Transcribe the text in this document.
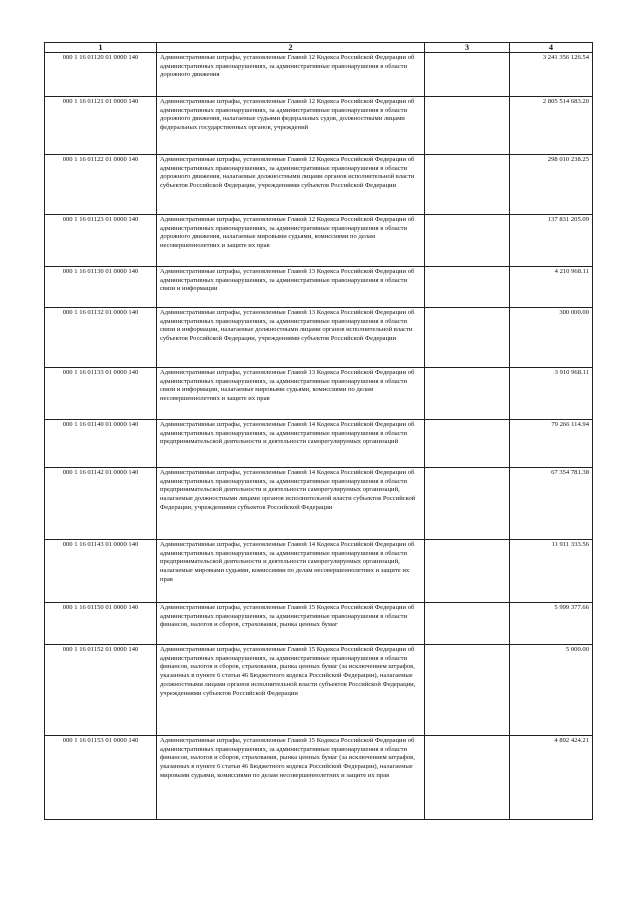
1	2	3	4
000 1 16 01120 01 0000 140	Административные штрафы, установленные Главой 12 Кодекса Российской Федерации об административных правонарушениях, за административные правонарушения в области дорожного движения		3 241 356 126.54
000 1 16 01121 01 0000 140	Административные штрафы, установленные Главой 12 Кодекса Российской Федерации об административных правонарушениях, за административные правонарушения в области дорожного движения, налагаемые судьями федеральных судов, должностными лицами федеральных государственных органов, учреждений		2 805 514 683.20
000 1 16 01122 01 0000 140	Административные штрафы, установленные Главой 12 Кодекса Российской Федерации об административных правонарушениях, за административные правонарушения в области дорожного движения, налагаемые должностными лицами органов исполнительной власти субъектов Российской Федерации, учреждениями субъектов Российской Федерации		298 010 238.25
000 1 16 01123 01 0000 140	Административные штрафы, установленные Главой 12 Кодекса Российской Федерации об административных правонарушениях, за административные правонарушения в области дорожного движения, налагаемые мировыми судьями, комиссиями по делам несовершеннолетних и защите их прав		137 831 205.09
000 1 16 01130 01 0000 140	Административные штрафы, установленные Главой 13 Кодекса Российской Федерации об административных правонарушениях, за административные правонарушения в области связи и информации		4 210 968.11
000 1 16 01132 01 0000 140	Административные штрафы, установленные Главой 13 Кодекса Российской Федерации об административных правонарушениях, за административные правонарушения в области связи и информации, налагаемые должностными лицами органов исполнительной власти субъектов Российской Федерации, учреждениями субъектов Российской Федерации		300 000.00
000 1 16 01133 01 0000 140	Административные штрафы, установленные Главой 13 Кодекса Российской Федерации об административных правонарушениях, за административные правонарушения в области связи и информации, налагаемые мировыми судьями, комиссиями по делам несовершеннолетних и защите их прав		3 910 968.11
000 1 16 01140 01 0000 140	Административные штрафы, установленные Главой 14 Кодекса Российской Федерации об административных правонарушениях, за административные правонарушения в области предпринимательской деятельности и деятельности саморегулируемых организаций		79 266 114.94
000 1 16 01142 01 0000 140	Административные штрафы, установленные Главой 14 Кодекса Российской Федерации об административных правонарушениях, за административные правонарушения в области предпринимательской деятельности и деятельности саморегулируемых организаций, налагаемые должностными лицами органов исполнительной власти субъектов Российской Федерации, учреждениями субъектов Российской Федерации		67 354 781.38
000 1 16 01143 01 0000 140	Административные штрафы, установленные Главой 14 Кодекса Российской Федерации об административных правонарушениях, за административные правонарушения в области предпринимательской деятельности и деятельности саморегулируемых организаций, налагаемые мировыми судьями, комиссиями по делам несовершеннолетних и защите их прав		11 911 333.56
000 1 16 01150 01 0000 140	Административные штрафы, установленные Главой 15 Кодекса Российской Федерации об административных правонарушениях, за административные правонарушения в области финансов, налогов и сборов, страхования, рынка ценных бумаг		5 999 377.66
000 1 16 01152 01 0000 140	Административные штрафы, установленные Главой 15 Кодекса Российской Федерации об административных правонарушениях, за административные правонарушения в области финансов, налогов и сборов, страхования, рынка ценных бумаг (за исключением штрафов, указанных в пункте 6 статьи 46 Бюджетного кодекса Российской Федерации), налагаемые должностными лицами органов исполнительной власти субъектов Российской Федерации, учреждениями субъектов Российской Федерации		5 000.00
000 1 16 01153 01 0000 140	Административные штрафы, установленные Главой 15 Кодекса Российской Федерации об административных правонарушениях, за административные правонарушения в области финансов, налогов и сборов, страхования, рынка ценных бумаг (за исключением штрафов, указанных в пункте 6 статьи 46 Бюджетного кодекса Российской Федерации), налагаемые мировыми судьями, комиссиями по делам несовершеннолетних и защите их прав		4 892 424.21
